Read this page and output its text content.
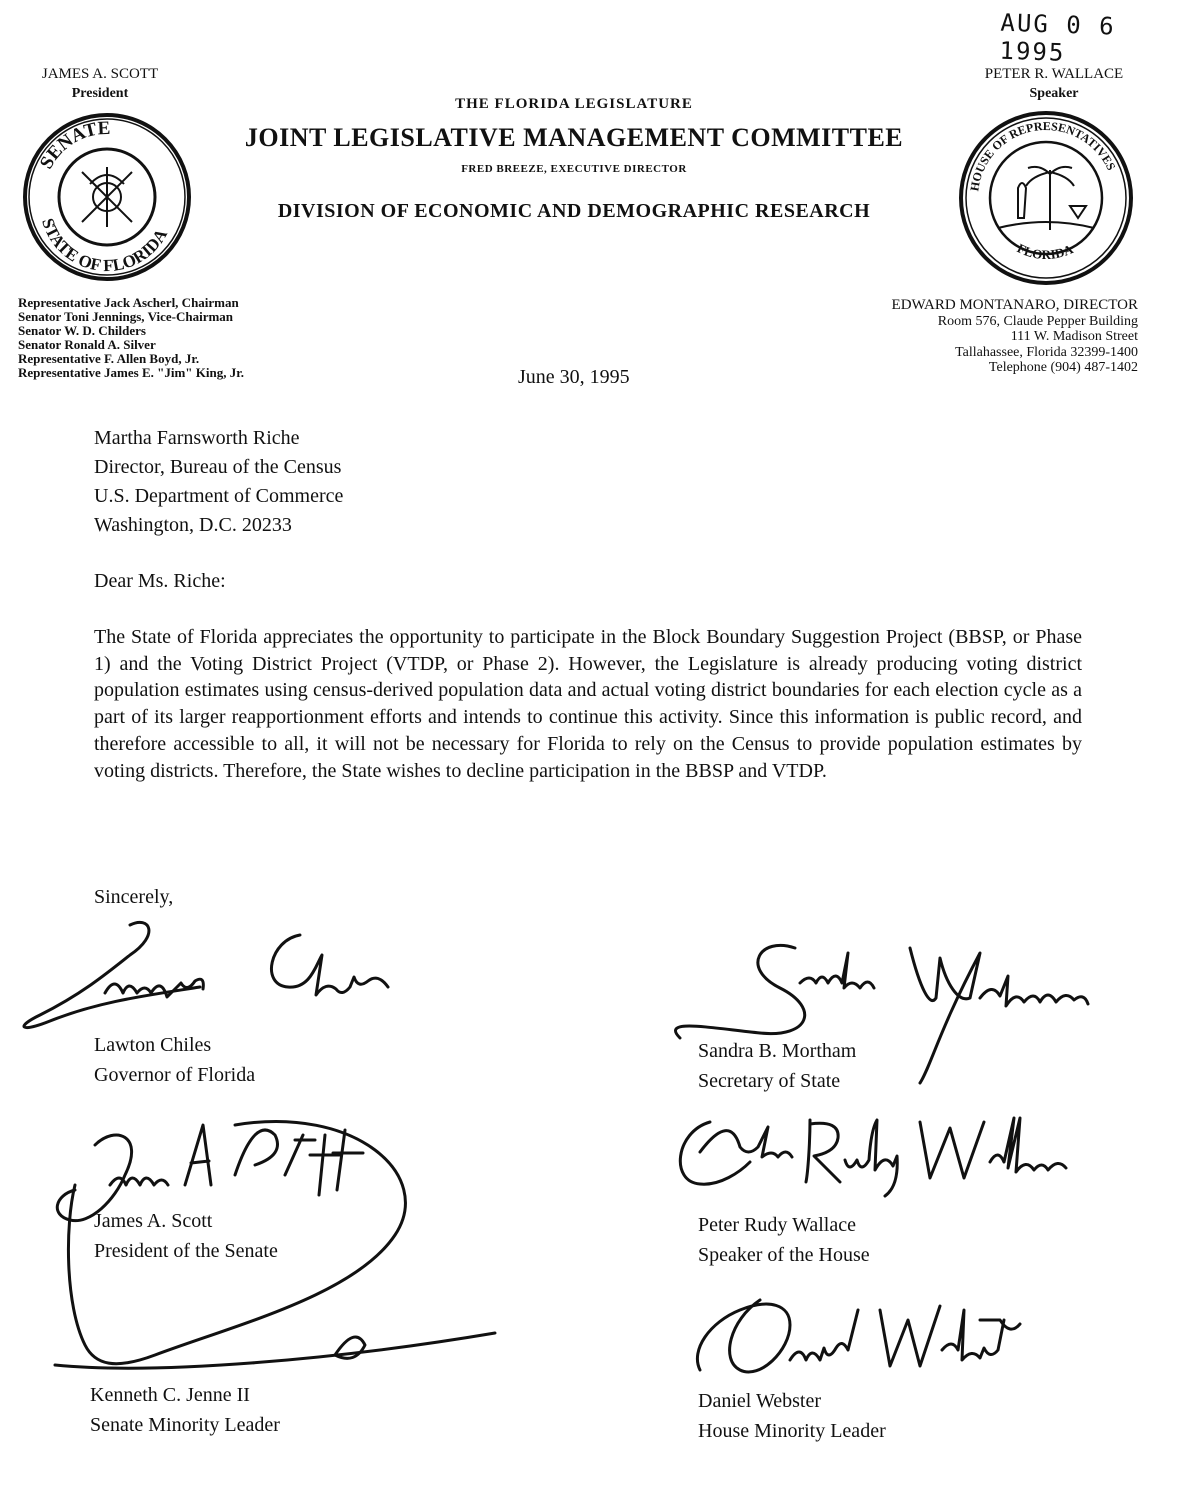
AUG 0 6 1995
JAMES A. SCOTT
President
PETER R. WALLACE
Speaker
SENATE
STATE OF FLORIDA
HOUSE OF REPRESENTATIVES
FLORIDA
THE FLORIDA LEGISLATURE
JOINT LEGISLATIVE MANAGEMENT COMMITTEE
FRED BREEZE, EXECUTIVE DIRECTOR
DIVISION OF ECONOMIC AND DEMOGRAPHIC RESEARCH
Representative Jack Ascherl, Chairman
Senator Toni Jennings, Vice-Chairman
Senator W. D. Childers
Senator Ronald A. Silver
Representative F. Allen Boyd, Jr.
Representative James E. "Jim" King, Jr.
EDWARD MONTANARO, DIRECTOR
Room 576, Claude Pepper Building
111 W. Madison Street
Tallahassee, Florida 32399-1400
Telephone (904) 487-1402
June 30, 1995
Martha Farnsworth Riche
Director, Bureau of the Census
U.S. Department of Commerce
Washington, D.C. 20233
Dear Ms. Riche:
The State of Florida appreciates the opportunity to participate in the Block Boundary Suggestion Project (BBSP, or Phase 1) and the Voting District Project (VTDP, or Phase 2). However, the Legislature is already producing voting district population estimates using census-derived population data and actual voting district boundaries for each election cycle as a part of its larger reapportionment efforts and intends to continue this activity. Since this information is public record, and therefore accessible to all, it will not be necessary for Florida to rely on the Census to provide population estimates by voting districts. Therefore, the State wishes to decline participation in the BBSP and VTDP.
Sincerely,
Lawton Chiles
Governor of Florida
Sandra B. Mortham
Secretary of State
James A. Scott
President of the Senate
Peter Rudy Wallace
Speaker of the House
Kenneth C. Jenne II
Senate Minority Leader
Daniel Webster
House Minority Leader
